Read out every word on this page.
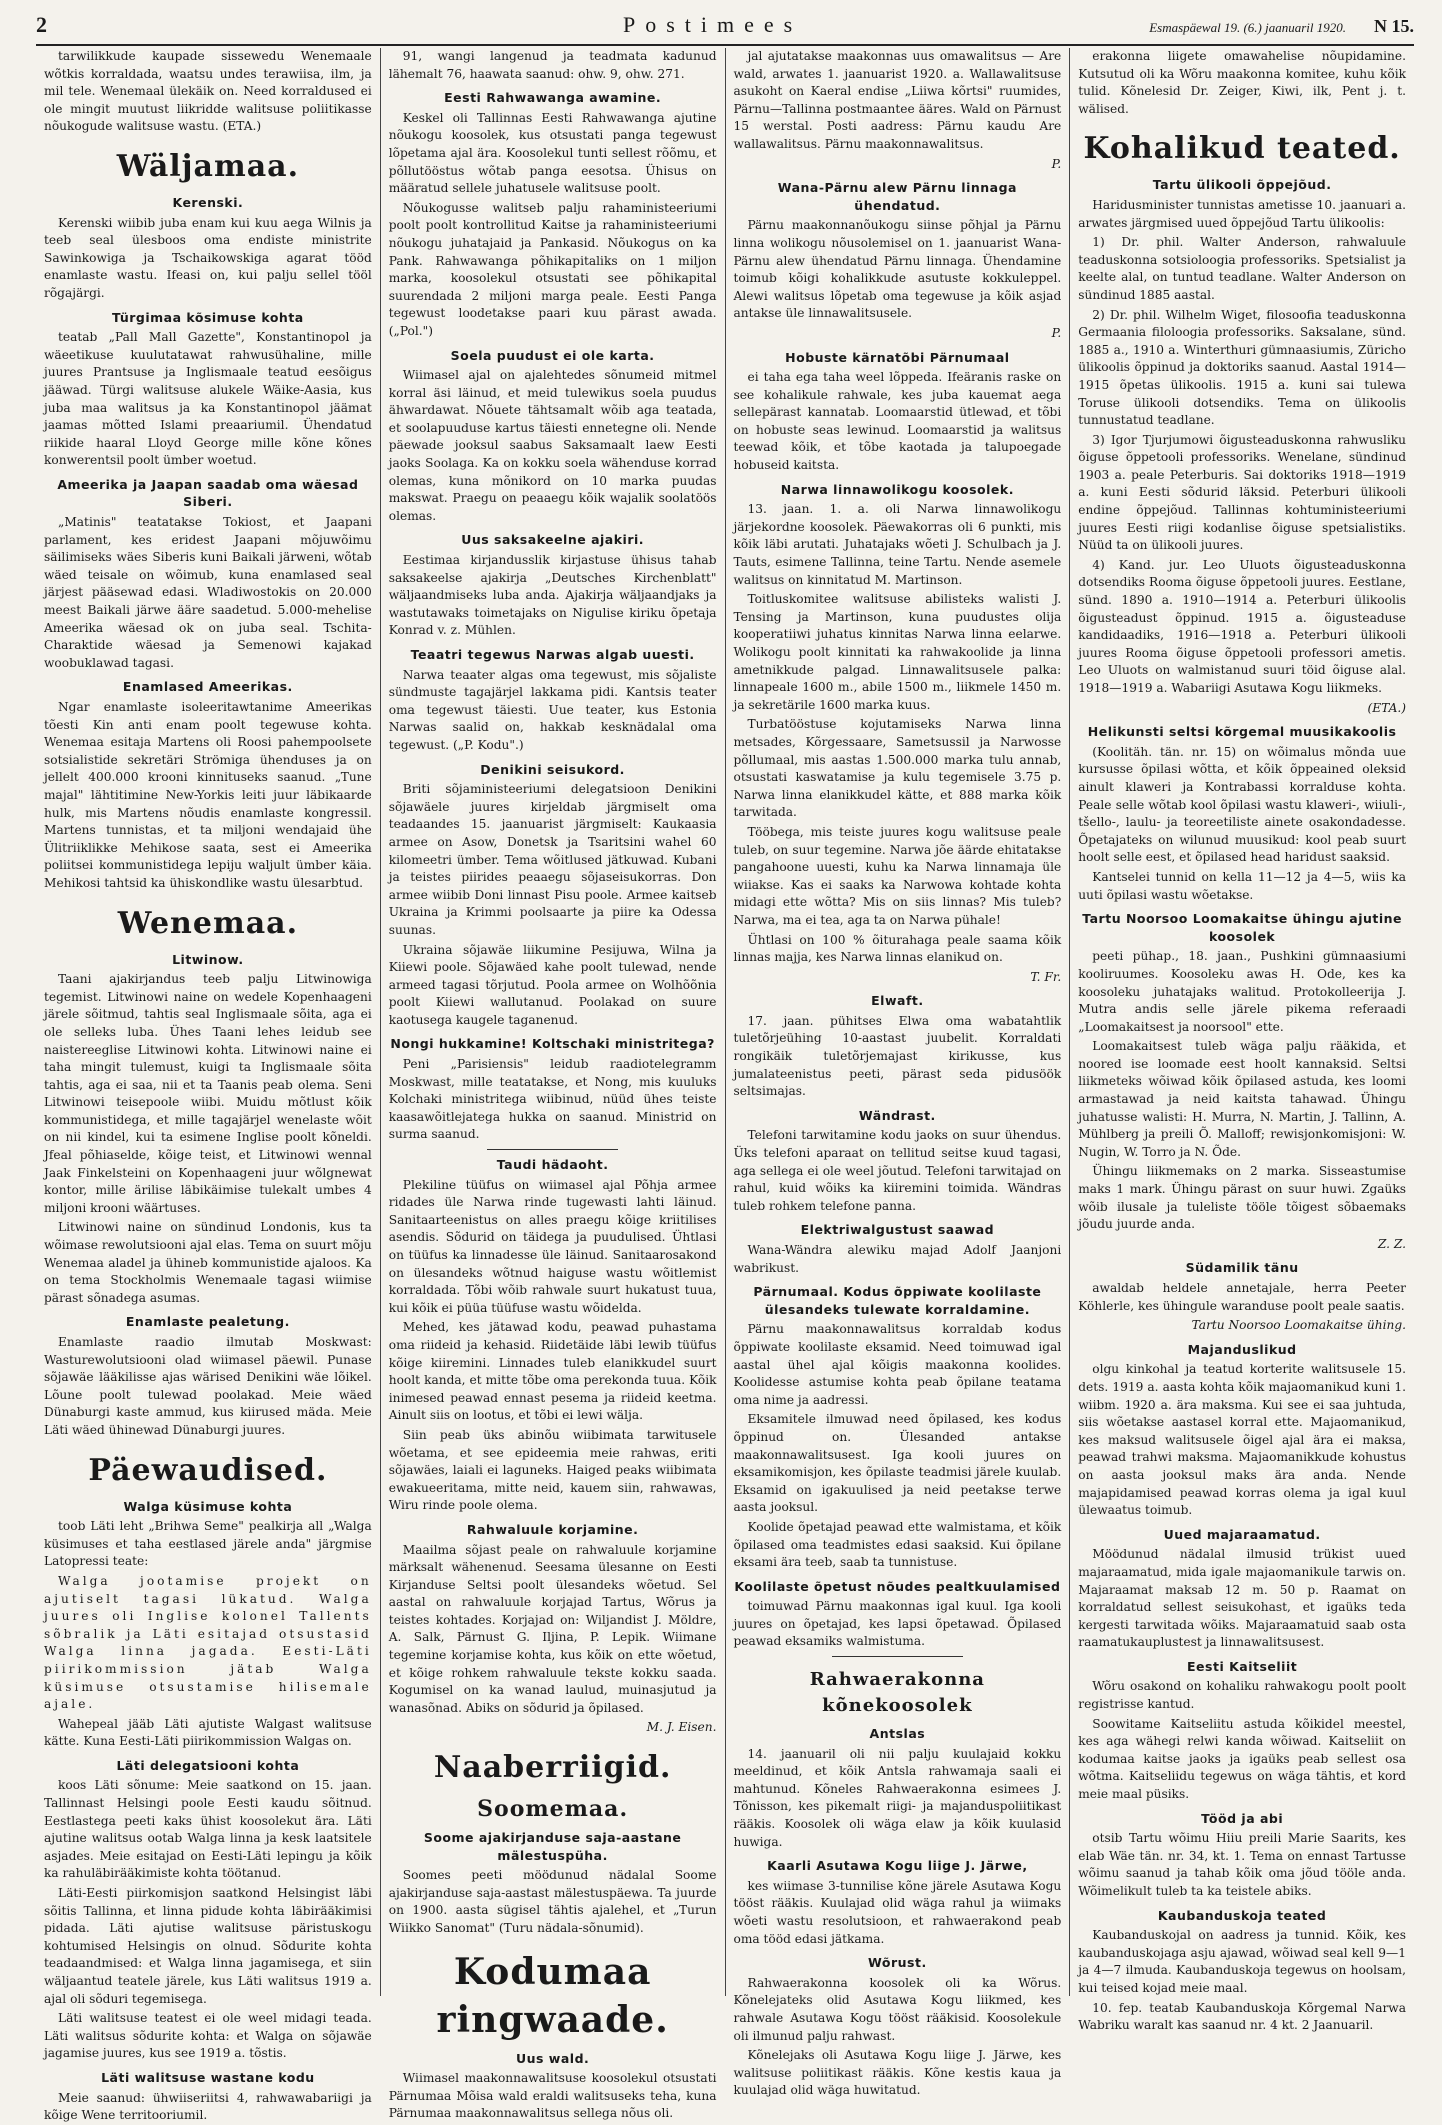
2	Postimees	Esmaspäewal 19. (6.) jaanuaril 1920. N 15.

tarwilikkude kaupade sissewedu Wenemaale wõtkis korraldada, waatsu undes terawiisa, ilm, ja mil tele. Wenemaal ülekäik on. Need korraldused ei ole mingit muutust liikridde walitsuse poliitikasse nõukogude walitsuse wastu. (ETA.)

Wäljamaa.
Kerenski.

Kerenski wiibib juba enam kui kuu aega Wilnis ja teeb seal ülesboos oma endiste ministrite Sawinkowiga ja Tschaikowskiga agarat tööd enamlaste wastu. Ifeasi on, kui palju sellel tööl rõgajärgi.

Türgimaa kõsimuse kohta

teatab „Pall Mall Gazette", Konstantinopol ja wäeetikuse kuulutatawat rahwusühaline, mille juures Prantsuse ja Inglismaale teatud eesõigus jääwad. Türgi walitsuse alukele Wäike-Aasia, kus juba maa walitsus ja ka Konstantinopol jäämat jaamas mõtted Islami preaariumil. Ühendatud riikide haaral Lloyd George mille kõne kõnes konwerentsil poolt ümber woetud.

Ameerika ja Jaapan saadab oma wäesad Siberi.

„Matinis" teatatakse Tokiost, et Jaapani parlament, kes eridest Jaapani mõjuwõimu säilimiseks wäes Siberis kuni Baikali järweni, wõtab wäed teisale on wõimub, kuna enamlased seal järjest pääsewad edasi. Wladiwostokis on 20.000 meest Baikali järwe ääre saadetud. 5.000-mehelise Ameerika wäesad ok on juba seal. Tschita-Charaktide wäesad ja Semenowi kajakad woobuklawad tagasi.

Enamlased Ameerikas.

Ngar enamlaste isoleeritawtanime Ameerikas tõesti Kin anti enam poolt tegewuse kohta. Wenemaa esitaja Martens oli Roosi pahempoolsete sotsialistide sekretäri Strömiga ühenduses ja on jellelt 400.000 krooni kinnituseks saanud. „Tune majal" lähtitimine New-Yorkis leiti juur läbikaarde hulk, mis Martens nõudis enamlaste kongressil. Martens tunnistas, et ta miljoni wendajaid ühe Ülitriiklikke Mehikose saata, sest ei Ameerika poliitsei kommunistidega lepiju waljult ümber käia. Mehikosi tahtsid ka ühiskondlike wastu ülesarbtud.

Wenemaa.
Litwinow.

Taani ajakirjandus teeb palju Litwinowiga tegemist. Litwinowi naine on wedele Kopenhaageni järele sõitmud, tahtis seal Inglismaale sõita, aga ei ole selleks luba. Ühes Taani lehes leidub see naistereeglise Litwinowi kohta. Litwinowi naine ei taha mingit tulemust, kuigi ta Inglismaale sõita tahtis, aga ei saa, nii et ta Taanis peab olema. Seni Litwinowi teisepoole wiibi. Muidu mõtlust kõik kommunistidega, et mille tagajärjel wenelaste wõit on nii kindel, kui ta esimene Inglise poolt kõneldi. Jfeal põhiaselde, kõige teist, et Litwinowi wennal Jaak Finkelsteini on Kopenhaageni juur wõlgnewat kontor, mille ärilise läbikäimise tulekalt umbes 4 miljoni krooni wäärtuses.

Litwinowi naine on sündinud Londonis, kus ta wõimase rewolutsiooni ajal elas. Tema on suurt mõju Wenemaa aladel ja ühineb kommunistide ajaloos. Ka on tema Stockholmis Wenemaale tagasi wiimise pärast sõnadega asumas.

Enamlaste pealetung.

Enamlaste raadio ilmutab Moskwast: Wasturewolutsiooni olad wiimasel päewil. Punase sõjawäe lääkilisse ajas wärised Denikini wäe lõikel. Lõune poolt tulewad poolakad. Meie wäed Dünaburgi kaste ammud, kus kiirused mäda. Meie Läti wäed ühinewad Dünaburgi juures.

Päewaudised.
Walga küsimuse kohta

toob Läti leht „Brihwa Seme" pealkirja all „Walga küsimuses et taha eestlased järele anda" järgmise Latopressi teate:

Walga jootamise projekt on ajutiselt tagasi lükatud. Walga juures oli Inglise kolonel Tallents sõbralik ja Läti esitajad otsustasid Walga linna jagada. Eesti-Läti piirikommission jätab Walga küsimuse otsustamise hilisemale ajale.

Wahepeal jääb Läti ajutiste Walgast walitsuse kätte. Kuna Eesti-Läti piirikommission Walgas on.

Läti delegatsiooni kohta

koos Läti sõnume: Meie saatkond on 15. jaan. Tallinnast Helsingi poole Eesti kaudu sõitnud. Eestlastega peeti kaks ühist koosolekut ära. Läti ajutine walitsus ootab Walga linna ja kesk laatsitele asjades. Meie esitajad on Eesti-Läti lepingu ja kõik ka rahuläbirääkimiste kohta töötanud.

Läti-Eesti piirkomisjon saatkond Helsingist läbi sõitis Tallinna, et linna pidude kohta läbirääkimisi pidada. Läti ajutise walitsuse päristuskogu kohtumised Helsingis on olnud. Sõdurite kohta teadaandmised: et Walga linna jagamisega, et siin wäljaantud teatele järele, kus Läti walitsus 1919 a. ajal oli sõduri tegemisega.

Läti walitsuse teatest ei ole weel midagi teada. Läti walitsus sõdurite kohta: et Walga on sõjawäe jagamise juures, kus see 1919 a. tõstis.

Läti walitsuse wastane kodu

Meie saanud: ühwiiseriitsi 4, rahwawabariigi ja kõige Wene territooriumil.

91, wangi langenud ja teadmata kadunud lähemalt 76, haawata saanud: ohw. 9, ohw. 271.

Eesti Rahwawanga awamine.

Keskel oli Tallinnas Eesti Rahwawanga ajutine nõukogu koosolek, kus otsustati panga tegewust lõpetama ajal ära. Koosolekul tunti sellest rõõmu, et põllutööstus wõtab panga eesotsa. Ühisus on määratud sellele juhatusele walitsuse poolt.

Nõukogusse walitseb palju rahaministeeriumi poolt poolt kontrollitud Kaitse ja rahaministeeriumi nõukogu juhatajaid ja Pankasid. Nõukogus on ka Pank. Rahwawanga põhikapitaliks on 1 miljon marka, koosolekul otsustati see põhikapital suurendada 2 miljoni marga peale. Eesti Panga tegewust loodetakse paari kuu pärast awada. („Pol.")

Soela puudust ei ole karta.

Wiimasel ajal on ajalehtedes sõnumeid mitmel korral äsi läinud, et meid tulewikus soela puudus ähwardawat. Nõuete tähtsamalt wõib aga teatada, et soolapuuduse kartus täiesti ennetegne oli. Nende päewade jooksul saabus Saksamaalt laew Eesti jaoks Soolaga. Ka on kokku soela wähenduse korrad olemas, kuna mõnikord on 10 marka puudas makswat. Praegu on peaaegu kõik wajalik soolatöös olemas.

Uus saksakeelne ajakiri.

Eestimaa kirjandusslik kirjastuse ühisus tahab saksakeelse ajakirja „Deutsches Kirchenblatt" wäljaandmiseks luba anda. Ajakirja wäljaandjaks ja wastutawaks toimetajaks on Nigulise kiriku õpetaja Konrad v. z. Mühlen.

Teaatri tegewus Narwas algab uuesti.

Narwa teaater algas oma tegewust, mis sõjaliste sündmuste tagajärjel lakkama pidi. Kantsis teater oma tegewust täiesti. Uue teater, kus Estonia Narwas saalid on, hakkab kesknädalal oma tegewust. („P. Kodu".)

Denikini seisukord.

Briti sõjaministeeriumi delegatsioon Denikini sõjawäele juures kirjeldab järgmiselt oma teadaandes 15. jaanuarist järgmiselt: Kaukaasia armee on Asow, Donetsk ja Tsaritsini wahel 60 kilomeetri ümber. Tema wõitlused jätkuwad. Kubani ja teistes piirides peaaegu sõjaseisukorras. Don armee wiibib Doni linnast Pisu poole. Armee kaitseb Ukraina ja Krimmi poolsaarte ja piire ka Odessa suunas.

Ukraina sõjawäe liikumine Pesijuwa, Wilna ja Kiiewi poole. Sõjawäed kahe poolt tulewad, nende armeed tagasi tõrjutud. Poola armee on Wolhõõnia poolt Kiiewi wallutanud. Poolakad on suure kaotusega kaugele taganenud.

Nongi hukkamine! Koltschaki ministritega?

Peni „Parisiensis" leidub raadiotelegramm Moskwast, mille teatatakse, et Nong, mis kuuluks Kolchaki ministritega wiibinud, nüüd ühes teiste kaasawõitlejatega hukka on saanud. Ministrid on surma saanud.

Taudi hädaoht.

Plekiline tüüfus on wiimasel ajal Põhja armee ridades üle Narwa rinde tugewasti lahti läinud. Sanitaarteenistus on alles praegu kõige kriitilises asendis. Sõdurid on täidega ja puudulised. Ühtlasi on tüüfus ka linnadesse üle läinud. Sanitaarosakond on ülesandeks wõtnud haiguse wastu wõitlemist korraldada. Tõbi wõib rahwale suurt hukatust tuua, kui kõik ei püüa tüüfuse wastu wõidelda.

Mehed, kes jätawad kodu, peawad puhastama oma riideid ja kehasid. Riidetäide läbi lewib tüüfus kõige kiiremini. Linnades tuleb elanikkudel suurt hoolt kanda, et mitte tõbe oma perekonda tuua. Kõik inimesed peawad ennast pesema ja riideid keetma. Ainult siis on lootus, et tõbi ei lewi wälja.

Siin peab üks abinõu wiibimata tarwitusele wõetama, et see epideemia meie rahwas, eriti sõjawäes, laiali ei laguneks. Haiged peaks wiibimata ewakueeritama, mitte neid, kauem siin, rahwawas, Wiru rinde poole olema.

Rahwaluule korjamine.

Maailma sõjast peale on rahwaluule korjamine märksalt wähenenud. Seesama ülesanne on Eesti Kirjanduse Seltsi poolt ülesandeks wõetud. Sel aastal on rahwaluule korjajad Tartus, Wõrus ja teistes kohtades. Korjajad on: Wiljandist J. Möldre, A. Salk, Pärnust G. Iljina, P. Lepik. Wiimane tegemine korjamise kohta, kus kõik on ette wõetud, et kõige rohkem rahwaluule tekste kokku saada. Kogumisel on ka wanad laulud, muinasjutud ja wanasõnad. Abiks on sõdurid ja õpilased.

M. J. Eisen.
Naaberriigid.
Soomemaa.
Soome ajakirjanduse saja-aastane mälestuspüha.

Soomes peeti möödunud nädalal Soome ajakirjanduse saja-aastast mälestuspäewa. Ta juurde on 1900. aasta sügisel tähtis ajalehel, et „Turun Wiikko Sanomat" (Turu nädala-sõnumid).

Kodumaa ringwaade.
Uus wald.

Wiimasel maakonnawalitsuse koosolekul otsustati Pärnumaa Mõisa wald eraldi walitsuseks teha, kuna Pärnumaa maakonnawalitsus sellega nõus oli.

jal ajutatakse maakonnas uus omawalitsus — Are wald, arwates 1. jaanuarist 1920. a. Wallawalitsuse asukoht on Kaeral endise „Liiwa kõrtsi" ruumides, Pärnu—Tallinna postmaantee ääres. Wald on Pärnust 15 werstal. Posti aadress: Pärnu kaudu Are wallawalitsus. Pärnu maakonnawalitsus.

P.
Wana-Pärnu alew Pärnu linnaga ühendatud.

Pärnu maakonnanõukogu siinse põhjal ja Pärnu linna wolikogu nõusolemisel on 1. jaanuarist Wana-Pärnu alew ühendatud Pärnu linnaga. Ühendamine toimub kõigi kohalikkude asutuste kokkuleppel. Alewi walitsus lõpetab oma tegewuse ja kõik asjad antakse üle linnawalitsusele.

P.
Hobuste kärnatõbi Pärnumaal

ei taha ega taha weel lõppeda. Ifeäranis raske on see kohalikule rahwale, kes juba kauemat aega sellepärast kannatab. Loomaarstid ütlewad, et tõbi on hobuste seas lewinud. Loomaarstid ja walitsus teewad kõik, et tõbe kaotada ja talupoegade hobuseid kaitsta.

Narwa linnawolikogu koosolek.

13. jaan. 1. a. oli Narwa linnawolikogu järjekordne koosolek. Päewakorras oli 6 punkti, mis kõik läbi arutati. Juhatajaks wõeti J. Schulbach ja J. Tauts, esimene Tallinna, teine Tartu. Nende asemele walitsus on kinnitatud M. Martinson.

Toitluskomitee walitsuse abilisteks walisti J. Tensing ja Martinson, kuna puudustes olija kooperatiiwi juhatus kinnitas Narwa linna eelarwe. Wolikogu poolt kinnitati ka rahwakoolide ja linna ametnikkude palgad. Linnawalitsusele palka: linnapeale 1600 m., abile 1500 m., liikmele 1450 m. ja sekretärile 1600 marka kuus.

Turbatööstuse kojutamiseks Narwa linna metsades, Kõrgessaare, Sametsussil ja Narwosse põllumaal, mis aastas 1.500.000 marka tulu annab, otsustati kaswatamise ja kulu tegemisele 3.75 p. Narwa linna elanikkudel kätte, et 888 marka kõik tarwitada.

Tööbega, mis teiste juures kogu walitsuse peale tuleb, on suur tegemine. Narwa jõe äärde ehitatakse pangahoone uuesti, kuhu ka Narwa linnamaja üle wiiakse. Kas ei saaks ka Narwowa kohtade kohta midagi ette wõtta? Mis on siis linnas? Mis tuleb? Narwa, ma ei tea, aga ta on Narwa pühale!

Ühtlasi on 100 % õiturahaga peale saama kõik linnas majja, kes Narwa linnas elanikud on.

T. Fr.
Elwaft.

17. jaan. pühitses Elwa oma wabatahtlik tuletõrjeühing 10-aastast juubelit. Korraldati rongikäik tuletõrjemajast kirikusse, kus jumalateenistus peeti, pärast seda pidusöök seltsimajas.

Wändrast.

Telefoni tarwitamine kodu jaoks on suur ühendus. Üks telefoni aparaat on tellitud seitse kuud tagasi, aga sellega ei ole weel jõutud. Telefoni tarwitajad on rahul, kuid wõiks ka kiiremini toimida. Wändras tuleb rohkem telefone panna.

Elektriwalgustust saawad

Wana-Wändra alewiku majad Adolf Jaanjoni wabrikust.

Pärnumaal. Kodus õppiwate koolilaste ülesandeks tulewate korraldamine.

Pärnu maakonnawalitsus korraldab kodus õppiwate koolilaste eksamid. Need toimuwad igal aastal ühel ajal kõigis maakonna koolides. Koolidesse astumise kohta peab õpilane teatama oma nime ja aadressi.

Eksamitele ilmuwad need õpilased, kes kodus õppinud on. Ülesanded antakse maakonnawalitsusest. Iga kooli juures on eksamikomisjon, kes õpilaste teadmisi järele kuulab. Eksamid on igakuulised ja neid peetakse terwe aasta jooksul.

Koolide õpetajad peawad ette walmistama, et kõik õpilased oma teadmistes edasi saaksid. Kui õpilane eksami ära teeb, saab ta tunnistuse.

Koolilaste õpetust nõudes pealtkuulamised

toimuwad Pärnu maakonnas igal kuul. Iga kooli juures on õpetajad, kes lapsi õpetawad. Õpilased peawad eksamiks walmistuma.

Rahwaerakonna kõnekoosolek
Antslas

14. jaanuaril oli nii palju kuulajaid kokku meeldinud, et kõik Antsla rahwamaja saali ei mahtunud. Kõneles Rahwaerakonna esimees J. Tõnisson, kes pikemalt riigi- ja majanduspoliitikast rääkis. Koosolek oli wäga elaw ja kõik kuulasid huwiga.

Kaarli Asutawa Kogu liige J. Järwe,

kes wiimase 3-tunnilise kõne järele Asutawa Kogu tööst rääkis. Kuulajad olid wäga rahul ja wiimaks wõeti wastu resolutsioon, et rahwaerakond peab oma tööd edasi jätkama.

Wõrust.

Rahwaerakonna koosolek oli ka Wõrus. Kõnelejateks olid Asutawa Kogu liikmed, kes rahwale Asutawa Kogu tööst rääkisid. Koosolekule oli ilmunud palju rahwast.

Kõnelejaks oli Asutawa Kogu liige J. Järwe, kes walitsuse poliitikast rääkis. Kõne kestis kaua ja kuulajad olid wäga huwitatud.

erakonna liigete omawahelise nõupidamine. Kutsutud oli ka Wõru maakonna komitee, kuhu kõik tulid. Kõnelesid Dr. Zeiger, Kiwi, ilk, Pent j. t. wälised.

Kohalikud teated.
Tartu ülikooli õppejõud.

Haridusminister tunnistas ametisse 10. jaanuari a. arwates järgmised uued õppejõud Tartu ülikoolis:

1) Dr. phil. Walter Anderson, rahwaluule teaduskonna sotsioloogia professoriks. Spetsialist ja keelte alal, on tuntud teadlane. Walter Anderson on sündinud 1885 aastal.

2) Dr. phil. Wilhelm Wiget, filosoofia teaduskonna Germaania filoloogia professoriks. Saksalane, sünd. 1885 a., 1910 a. Winterthuri gümnaasiumis, Züricho ülikoolis õppinud ja doktoriks saanud. Aastal 1914—1915 õpetas ülikoolis. 1915 a. kuni sai tulewa Toruse ülikooli dotsendiks. Tema on ülikoolis tunnustatud teadlane.

3) Igor Tjurjumowi õigusteaduskonna rahwusliku õiguse õppetooli professoriks. Wenelane, sündinud 1903 a. peale Peterburis. Sai doktoriks 1918—1919 a. kuni Eesti sõdurid läksid. Peterburi ülikooli endine õppejõud. Tallinnas kohtuministeeriumi juures Eesti riigi kodanlise õiguse spetsialistiks. Nüüd ta on ülikooli juures.

4) Kand. jur. Leo Uluots õigusteaduskonna dotsendiks Rooma õiguse õppetooli juures. Eestlane, sünd. 1890 a. 1910—1914 a. Peterburi ülikoolis õigusteadust õppinud. 1915 a. õigusteaduse kandidaadiks, 1916—1918 a. Peterburi ülikooli juures Rooma õiguse õppetooli professori ametis. Leo Uluots on walmistanud suuri töid õiguse alal. 1918—1919 a. Wabariigi Asutawa Kogu liikmeks.

(ETA.)
Helikunsti seltsi kõrgemal muusikakoolis

(Koolitäh. tän. nr. 15) on wõimalus mõnda uue kursusse õpilasi wõtta, et kõik õppeained oleksid ainult klaweri ja Kontrabassi korralduse kohta. Peale selle wõtab kool õpilasi wastu klaweri-, wiiuli-, tšello-, laulu- ja teoreetiliste ainete osakondadesse. Õpetajateks on wilunud muusikud: kool peab suurt hoolt selle eest, et õpilased head haridust saaksid.

Kantselei tunnid on kella 11—12 ja 4—5, wiis ka uuti õpilasi wastu wõetakse.

Tartu Noorsoo Loomakaitse ühingu ajutine koosolek

peeti pühap., 18. jaan., Pushkini gümnaasiumi kooliruumes. Koosoleku awas H. Ode, kes ka koosoleku juhatajaks walitud. Protokolleerija J. Mutra andis selle järele pikema referaadi „Loomakaitsest ja noorsool" ette.

Loomakaitsest tuleb wäga palju rääkida, et noored ise loomade eest hoolt kannaksid. Seltsi liikmeteks wõiwad kõik õpilased astuda, kes loomi armastawad ja neid kaitsta tahawad. Ühingu juhatusse walisti: H. Murra, N. Martin, J. Tallinn, A. Mühlberg ja preili Õ. Malloff; rewisjonkomisjoni: W. Nugin, W. Torro ja N. Õde.

Ühingu liikmemaks on 2 marka. Sisseastumise maks 1 mark. Ühingu pärast on suur huwi. Zgaüks wõib ilusale ja tuleliste tööle tõigest sõbaemaks jõudu juurde anda.

Z. Z.
Südamilik tänu

awaldab heldele annetajale, herra Peeter Köhlerle, kes ühingule waranduse poolt peale saatis.

Tartu Noorsoo Loomakaitse ühing.
Majanduslikud

olgu kinkohal ja teatud korterite walitsusele 15. dets. 1919 a. aasta kohta kõik majaomanikud kuni 1. wiibm. 1920 a. ära maksma. Kui see ei saa juhtuda, siis wõetakse aastasel korral ette. Majaomanikud, kes maksud walitsusele õigel ajal ära ei maksa, peawad trahwi maksma. Majaomanikkude kohustus on aasta jooksul maks ära anda. Nende majapidamised peawad korras olema ja igal kuul ülewaatus toimub.

Uued majaraamatud.

Möödunud nädalal ilmusid trükist uued majaraamatud, mida igale majaomanikule tarwis on. Majaraamat maksab 12 m. 50 p. Raamat on korraldatud sellest seisukohast, et igaüks teda kergesti tarwitada wõiks. Majaraamatuid saab osta raamatukauplustest ja linnawalitsusest.

Eesti Kaitseliit

Wõru osakond on kohaliku rahwakogu poolt poolt registrisse kantud.

Soowitame Kaitseliitu astuda kõikidel meestel, kes aga wähegi relwi kanda wõiwad. Kaitseliit on kodumaa kaitse jaoks ja igaüks peab sellest osa wõtma. Kaitseliidu tegewus on wäga tähtis, et kord meie maal püsiks.

Tööd ja abi

otsib Tartu wõimu Hiiu preili Marie Saarits, kes elab Wäe tän. nr. 34, kt. 1. Tema on ennast Tartusse wõimu saanud ja tahab kõik oma jõud tööle anda. Wõimelikult tuleb ta ka teistele abiks.

Kaubanduskoja teated

Kaubanduskojal on aadress ja tunnid. Kõik, kes kaubanduskojaga asju ajawad, wõiwad seal kell 9—1 ja 4—7 ilmuda. Kaubanduskoja tegewus on hoolsam, kui teised kojad meie maal.

10. fep. teatab Kaubanduskoja Kõrgemal Narwa Wabriku waralt kas saanud nr. 4 kt. 2 Jaanuaril.
